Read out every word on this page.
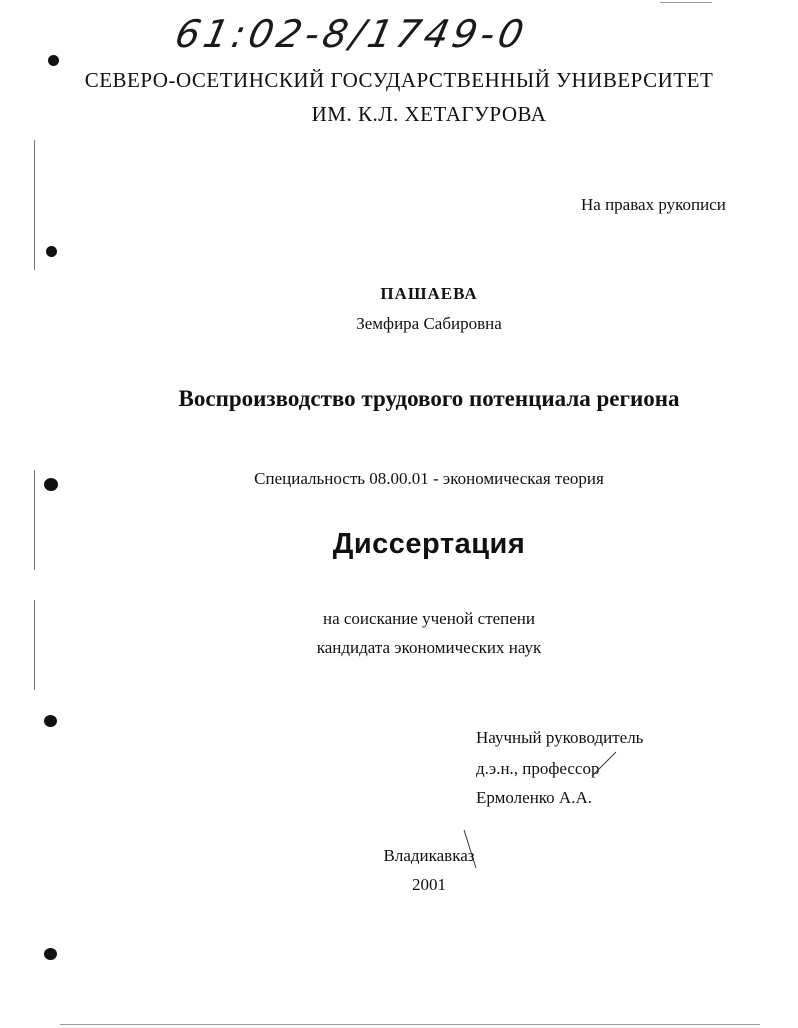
61:02-8/1749-0
СЕВЕРО-ОСЕТИНСКИЙ ГОСУДАРСТВЕННЫЙ УНИВЕРСИТЕТ
ИМ. К.Л. ХЕТАГУРОВА
На правах рукописи
ПАШАЕВА
Земфира Сабировна
Воспроизводство трудового потенциала региона
Специальность 08.00.01 - экономическая теория
Диссертация
на соискание ученой степени
кандидата экономических наук
Научный руководитель
д.э.н., профессор
Ермоленко А.А.
Владикавказ
2001
